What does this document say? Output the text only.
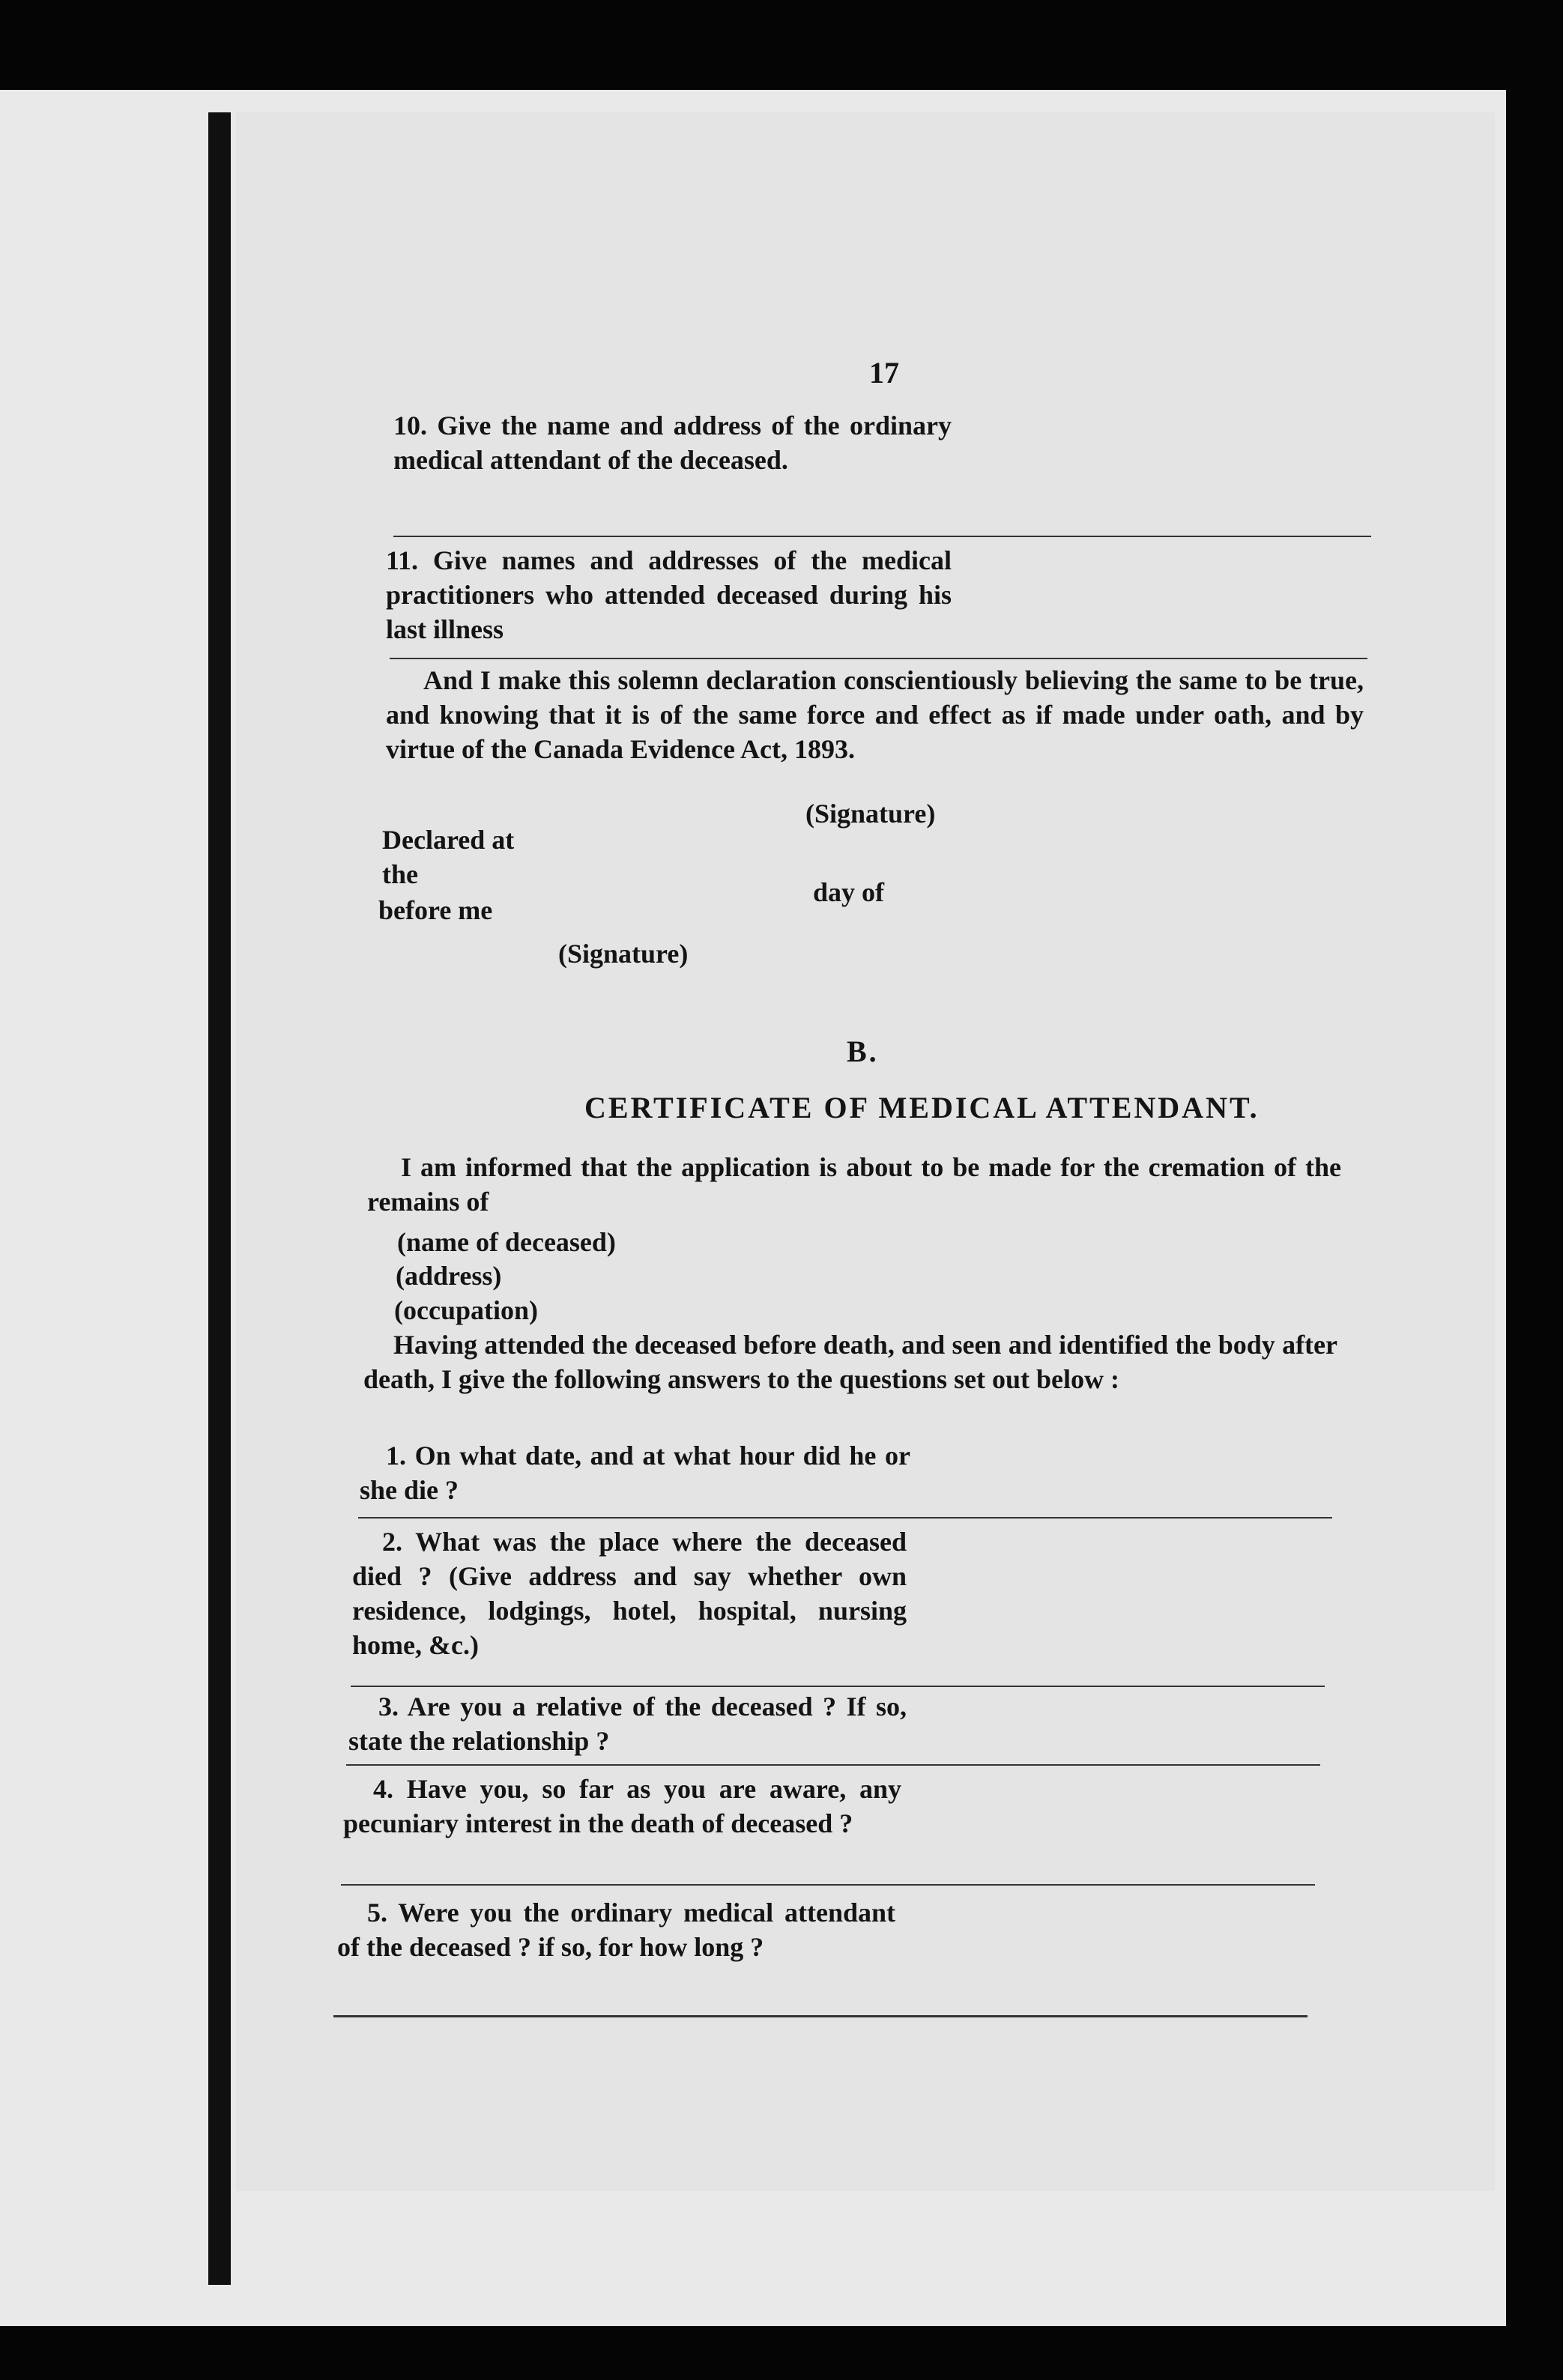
17
10. Give the name and address of the ordinary medical attendant of the deceased.
11. Give names and addresses of the medical practitioners who attended deceased during his last illness
And I make this solemn declaration conscientiously believing the same to be true, and knowing that it is of the same force and effect as if made under oath, and by virtue of the Canada Evidence Act, 1893.
(Signature)
Declared at
the
day of
before me
(Signature)
B.
CERTIFICATE OF MEDICAL ATTENDANT.
I am informed that the application is about to be made for the cremation of the remains of
(name of deceased)
(address)
(occupation)
Having attended the deceased before death, and seen and identified the body after death, I give the following answers to the questions set out below :
1. On what date, and at what hour did he or she die ?
2. What was the place where the deceased died ? (Give address and say whether own residence, lodgings, hotel, hospital, nursing home, &c.)
3. Are you a relative of the deceased ? If so, state the relationship ?
4. Have you, so far as you are aware, any pecuniary interest in the death of deceased ?
5. Were you the ordinary medical attendant of the deceased ? if so, for how long ?
